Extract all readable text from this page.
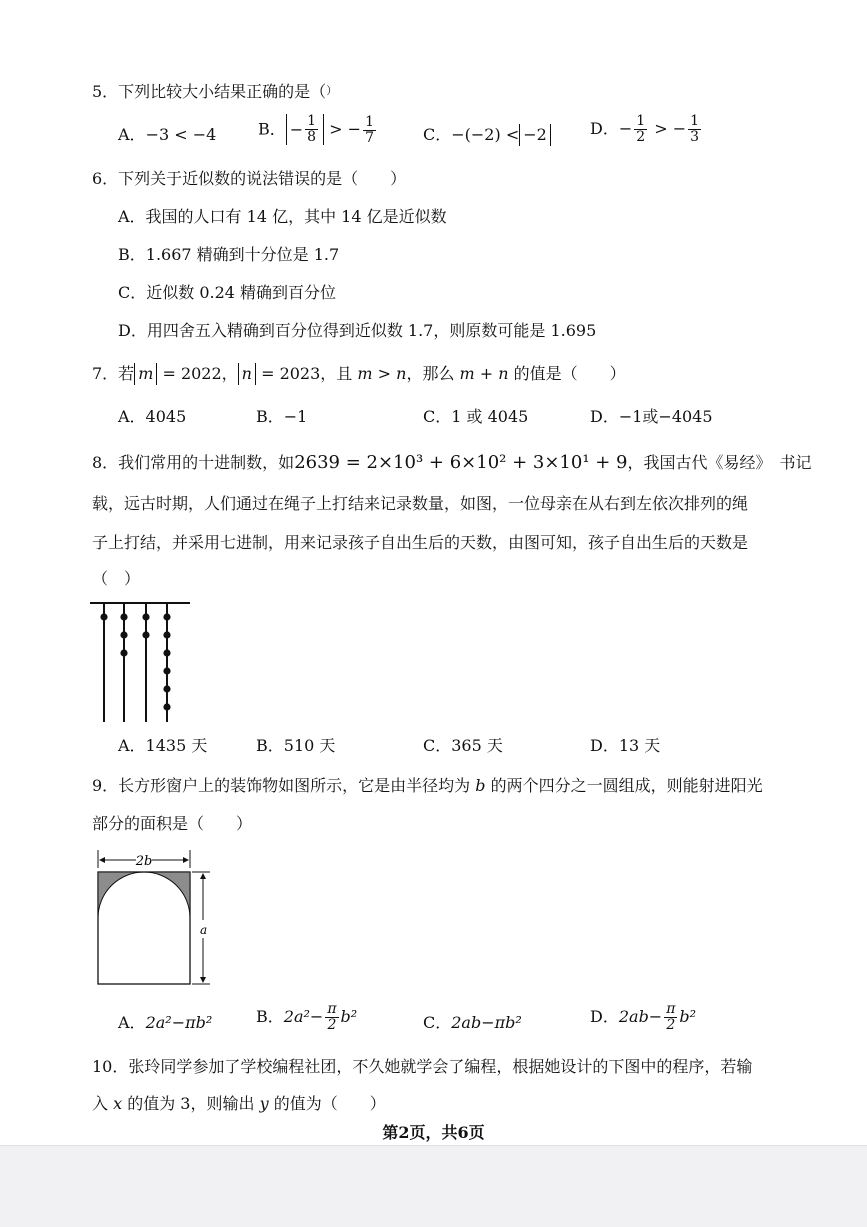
5．下列比较大小结果正确的是（）
A．−3 < −4	B． − $\frac{1}{8}$ > − $\frac{1}{7}$	C．−(−2) < −2	D．− $\frac{1}{2}$ > − $\frac{1}{3}$
6．下列关于近似数的说法错误的是（　　）
A．我国的人口有 14 亿，其中 14 亿是近似数
B．1.667 精确到十分位是 1.7
C．近似数 0.24 精确到百分位
D．用四舍五入精确到百分位得到近似数 1.7，则原数可能是 1.695
7．若 m = 2022， n = 2023，且 m > n，那么 m + n 的值是（　　）
A．4045	B．−1	C．1 或 4045	D．−1或−4045
8．我们常用的十进制数，如2639 = 2×10³ + 6×10² + 3×10¹ + 9，我国古代《易经》　书记
载，远古时期，人们通过在绳子上打结来记录数量，如图，一位母亲在从右到左依次排列的绳
子上打结，并采用七进制，用来记录孩子自出生后的天数，由图可知，孩子自出生后的天数是
（　）
A．1435 天	B．510 天	C．365 天	D．13 天
9．长方形窗户上的装饰物如图所示，它是由半径均为 b 的两个四分之一圆组成，则能射进阳光
部分的面积是（　　）
2b
a
A．2a²−πb²	B．$2a^2- \frac{\pi}{2} b^2$	C．2ab−πb²	D．$2ab- \frac{\pi}{2} b^2$
10．张玲同学参加了学校编程社团，不久她就学会了编程，根据她设计的下图中的程序，若输
入 x 的值为 3，则输出 y 的值为（　　）
第2页，共6页
